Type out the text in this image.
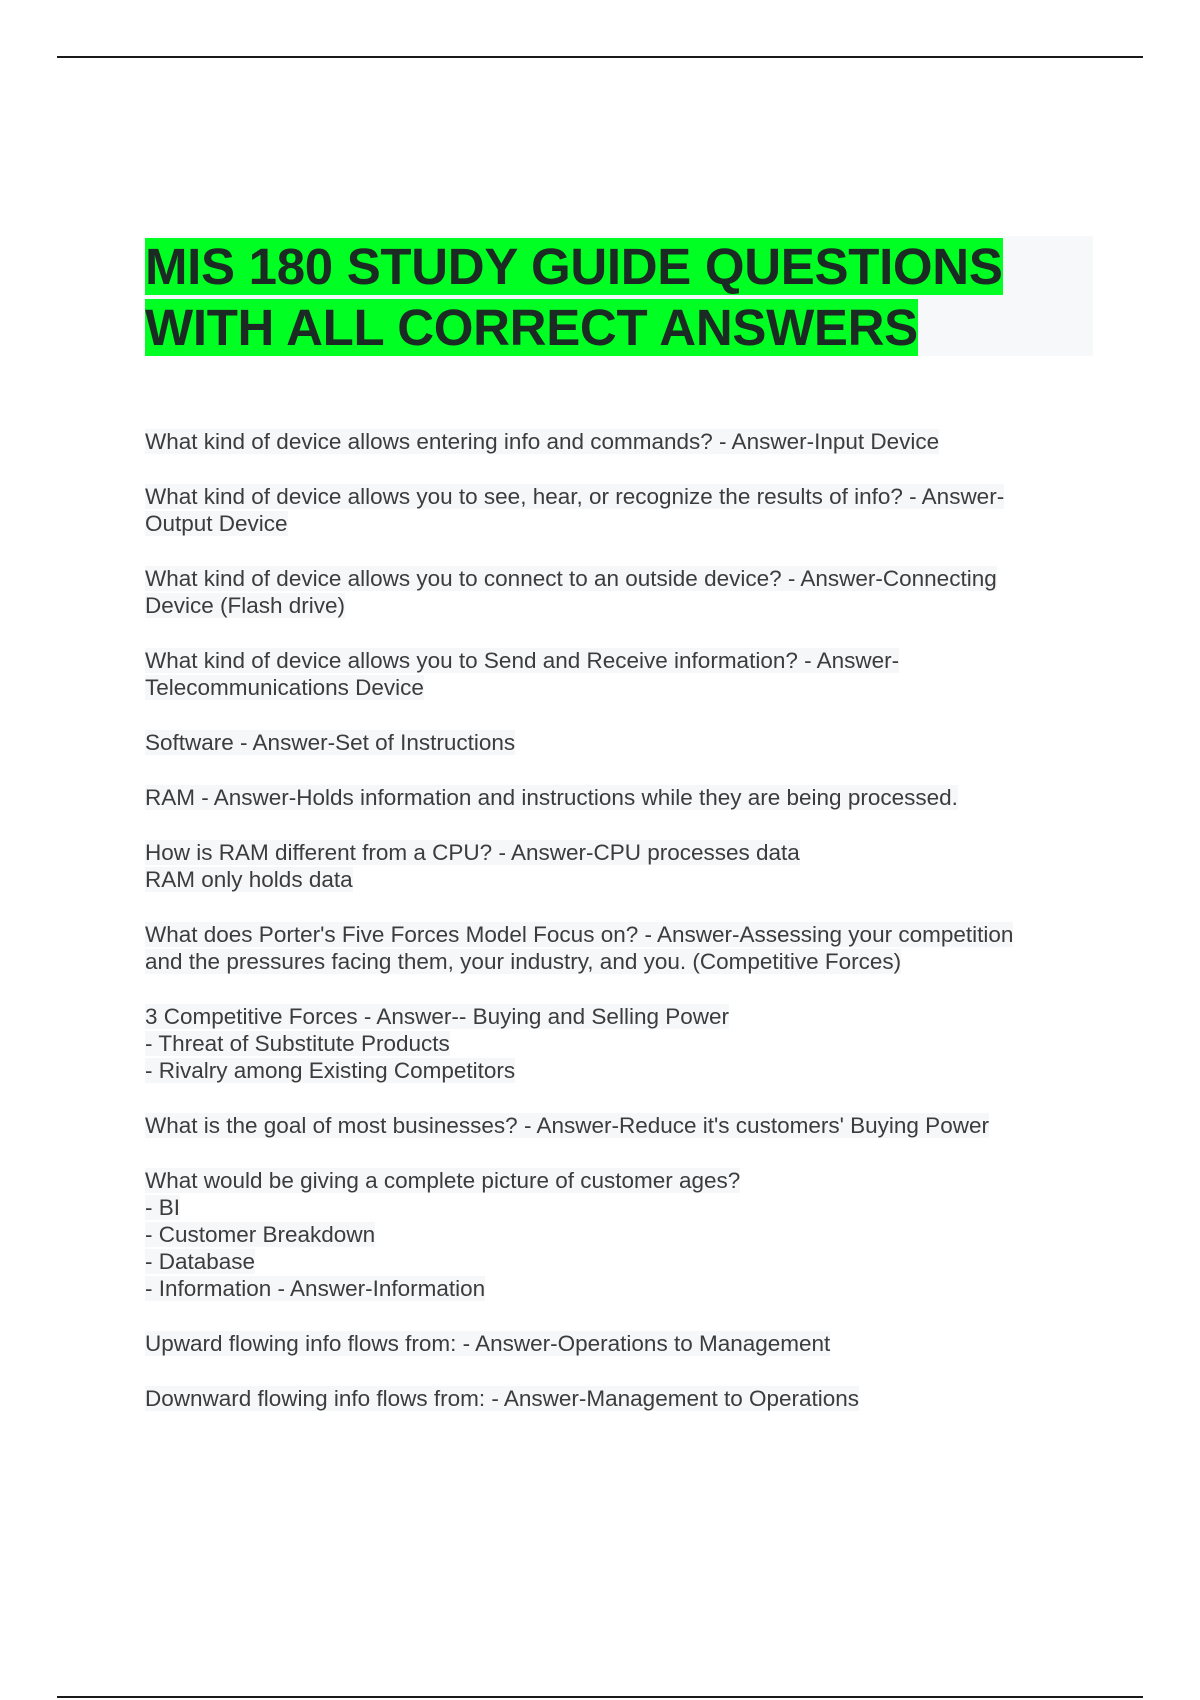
MIS 180 STUDY GUIDE QUESTIONS
WITH ALL CORRECT ANSWERS
What kind of device allows entering info and commands? - Answer-Input Device
What kind of device allows you to see, hear, or recognize the results of info? - Answer-
Output Device
What kind of device allows you to connect to an outside device? - Answer-Connecting
Device (Flash drive)
What kind of device allows you to Send and Receive information? - Answer-
Telecommunications Device
Software - Answer-Set of Instructions
RAM - Answer-Holds information and instructions while they are being processed.
How is RAM different from a CPU? - Answer-CPU processes data
RAM only holds data
What does Porter's Five Forces Model Focus on? - Answer-Assessing your competition
and the pressures facing them, your industry, and you. (Competitive Forces)
3 Competitive Forces - Answer-- Buying and Selling Power
- Threat of Substitute Products
- Rivalry among Existing Competitors
What is the goal of most businesses? - Answer-Reduce it's customers' Buying Power
What would be giving a complete picture of customer ages?
- BI
- Customer Breakdown
- Database
- Information - Answer-Information
Upward flowing info flows from: - Answer-Operations to Management
Downward flowing info flows from: - Answer-Management to Operations
